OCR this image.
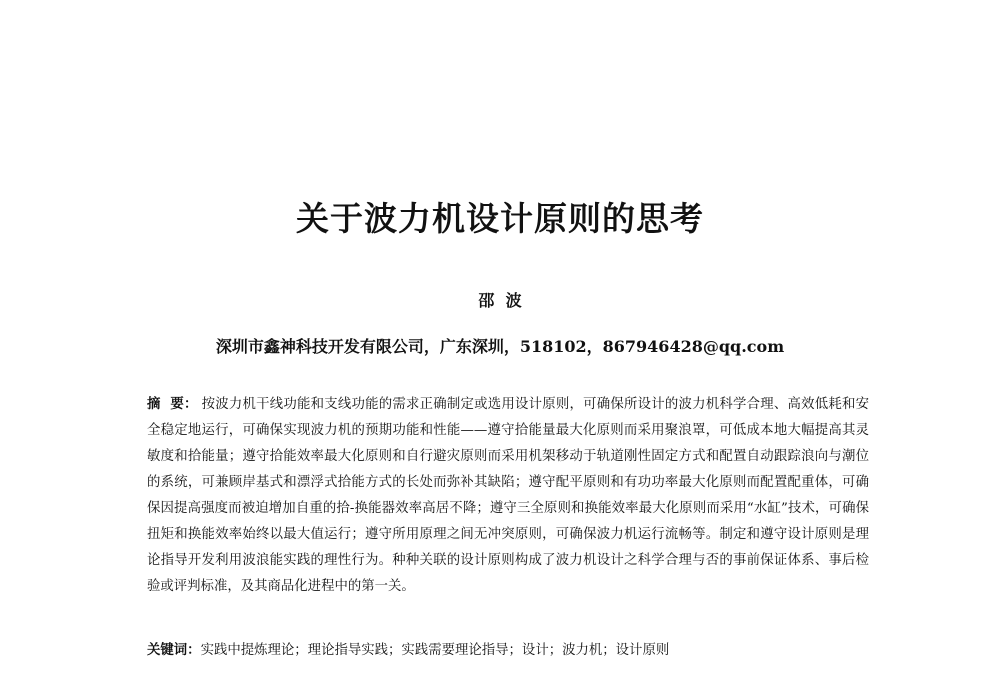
关于波力机设计原则的思考
邵  波
深圳市鑫神科技开发有限公司，广东深圳，518102，867946428@qq.com
摘  要： 按波力机干线功能和支线功能的需求正确制定或选用设计原则，可确保所设计的波力机科学合理、高效低耗和安全稳定地运行，可确保实现波力机的预期功能和性能——遵守拾能量最大化原则而采用聚浪罩，可低成本地大幅提高其灵敏度和拾能量；遵守拾能效率最大化原则和自行避灾原则而采用机架移动于轨道刚性固定方式和配置自动跟踪浪向与潮位的系统，可兼顾岸基式和漂浮式拾能方式的长处而弥补其缺陷；遵守配平原则和有功功率最大化原则而配置配重体，可确保因提高强度而被迫增加自重的拾-换能器效率高居不降；遵守三全原则和换能效率最大化原则而采用“水缸”技术，可确保扭矩和换能效率始终以最大值运行；遵守所用原理之间无冲突原则，可确保波力机运行流畅等。制定和遵守设计原则是理论指导开发利用波浪能实践的理性行为。种种关联的设计原则构成了波力机设计之科学合理与否的事前保证体系、事后检验或评判标准，及其商品化进程中的第一关。
关键词：实践中提炼理论；理论指导实践；实践需要理论指导；设计；波力机；设计原则
